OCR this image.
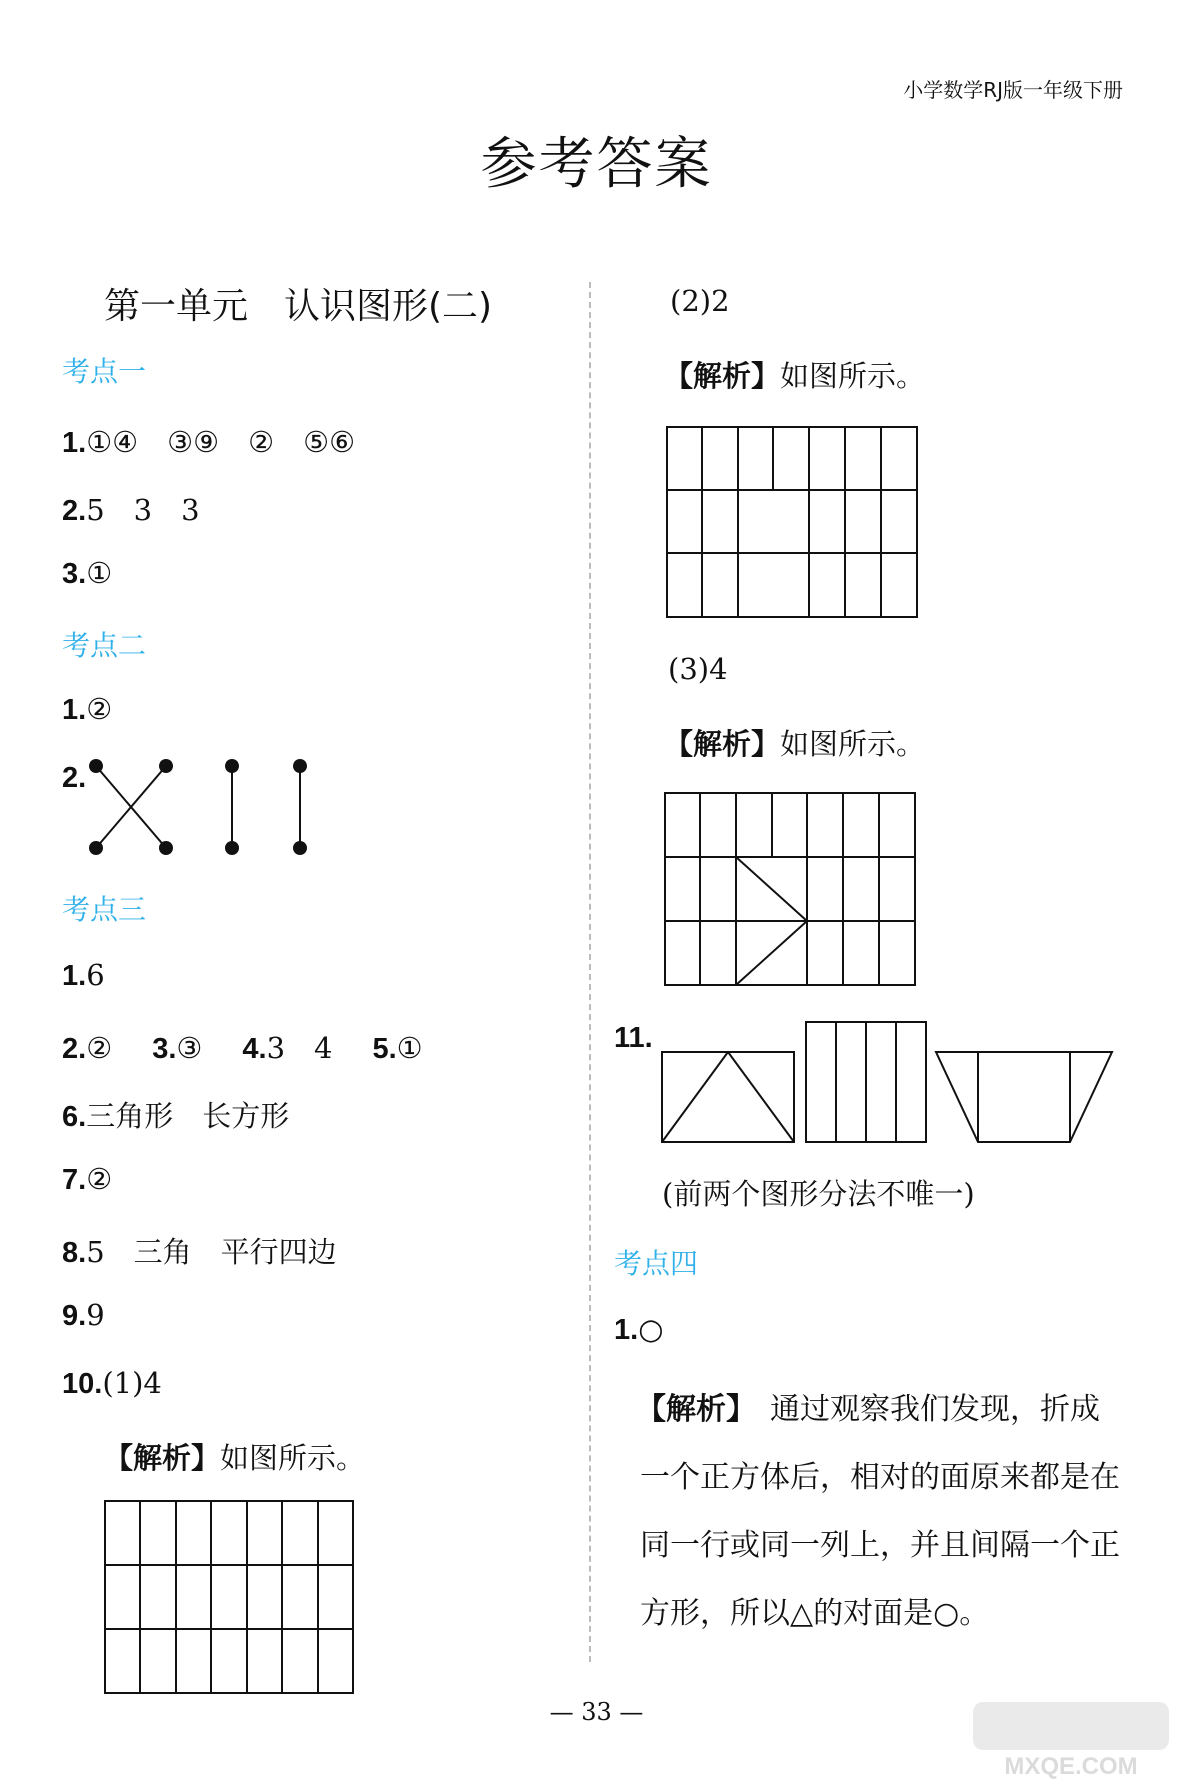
小学数学RJ版一年级下册
参考答案
第一单元　认识图形(二)
考点一
1.①④　③⑨　②　⑤⑥
2.5　3　3
3.①
考点二
1.②
2.
考点三
1.6
2.② 3.③ 4.3　4 5.①
6.三角形　长方形
7.②
8.5　三角　平行四边
9.9
10.(1)4
【解析】如图所示。
(2)2
【解析】如图所示。
(3)4
【解析】如图所示。
11.
(前两个图形分法不唯一)
考点四
1.○
【解析】 通过观察我们发现，折成一个正方体后，相对的面原来都是在同一行或同一列上，并且间隔一个正方形，所以△的对面是○。
— 33 —
MXQE.COM
